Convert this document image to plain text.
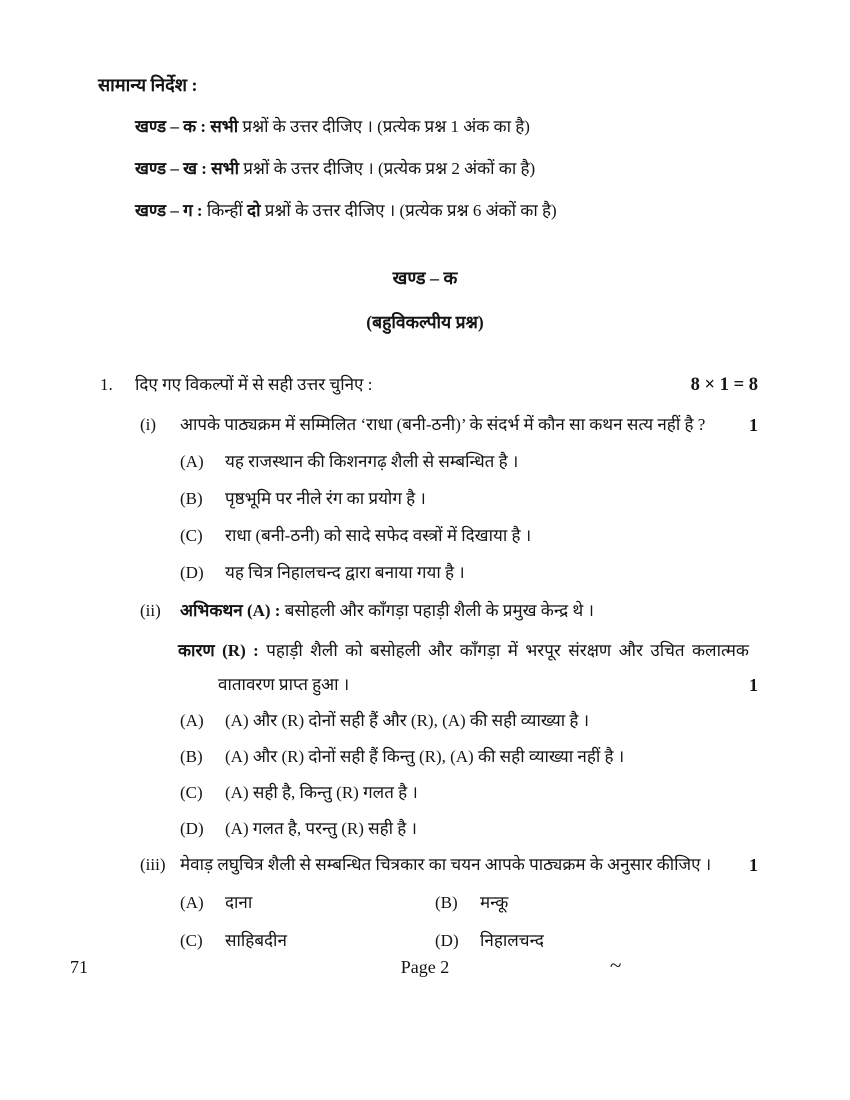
सामान्य निर्देश :

खण्ड – क : सभी प्रश्नों के उत्तर दीजिए । (प्रत्येक प्रश्न 1 अंक का है)
खण्ड – ख : सभी प्रश्नों के उत्तर दीजिए । (प्रत्येक प्रश्न 2 अंकों का है)
खण्ड – ग : किन्हीं दो प्रश्नों के उत्तर दीजिए । (प्रत्येक प्रश्न 6 अंकों का है)
खण्ड – क
(बहुविकल्पीय प्रश्न)
1.	दिए गए विकल्पों में से सही उत्तर चुनिए :	8 × 1 = 8
(i)	आपके पाठ्यक्रम में सम्मिलित ‘राधा (बनी-ठनी)’ के संदर्भ में कौन सा कथन सत्य नहीं है ?	1
(A)	यह राजस्थान की किशनगढ़ शैली से सम्बन्धित है ।
(B)	पृष्ठभूमि पर नीले रंग का प्रयोग है ।
(C)	राधा (बनी-ठनी) को सादे सफेद वस्त्रों में दिखाया है ।
(D)	यह चित्र निहालचन्द द्वारा बनाया गया है ।
(ii)	अभिकथन (A) : बसोहली और काँगड़ा पहाड़ी शैली के प्रमुख केन्द्र थे ।

कारण (R) : पहाड़ी शैली को बसोहली और काँगड़ा में भरपूर संरक्षण और उचित कलात्मक वातावरण प्राप्त हुआ ।	1
(A)	(A) और (R) दोनों सही हैं और (R), (A) की सही व्याख्या है ।
(B)	(A) और (R) दोनों सही हैं किन्तु (R), (A) की सही व्याख्या नहीं है ।
(C)	(A) सही है, किन्तु (R) गलत है ।
(D)	(A) गलत है, परन्तु (R) सही है ।
(iii) मेवाड़ लघुचित्र शैली से सम्बन्धित चित्रकार का चयन आपके पाठ्यक्रम के अनुसार कीजिए ।	1
(A)	दाना	(B)	मन्कू
(C)	साहिबदीन	(D)	निहालचन्द
71	Page 2	~
